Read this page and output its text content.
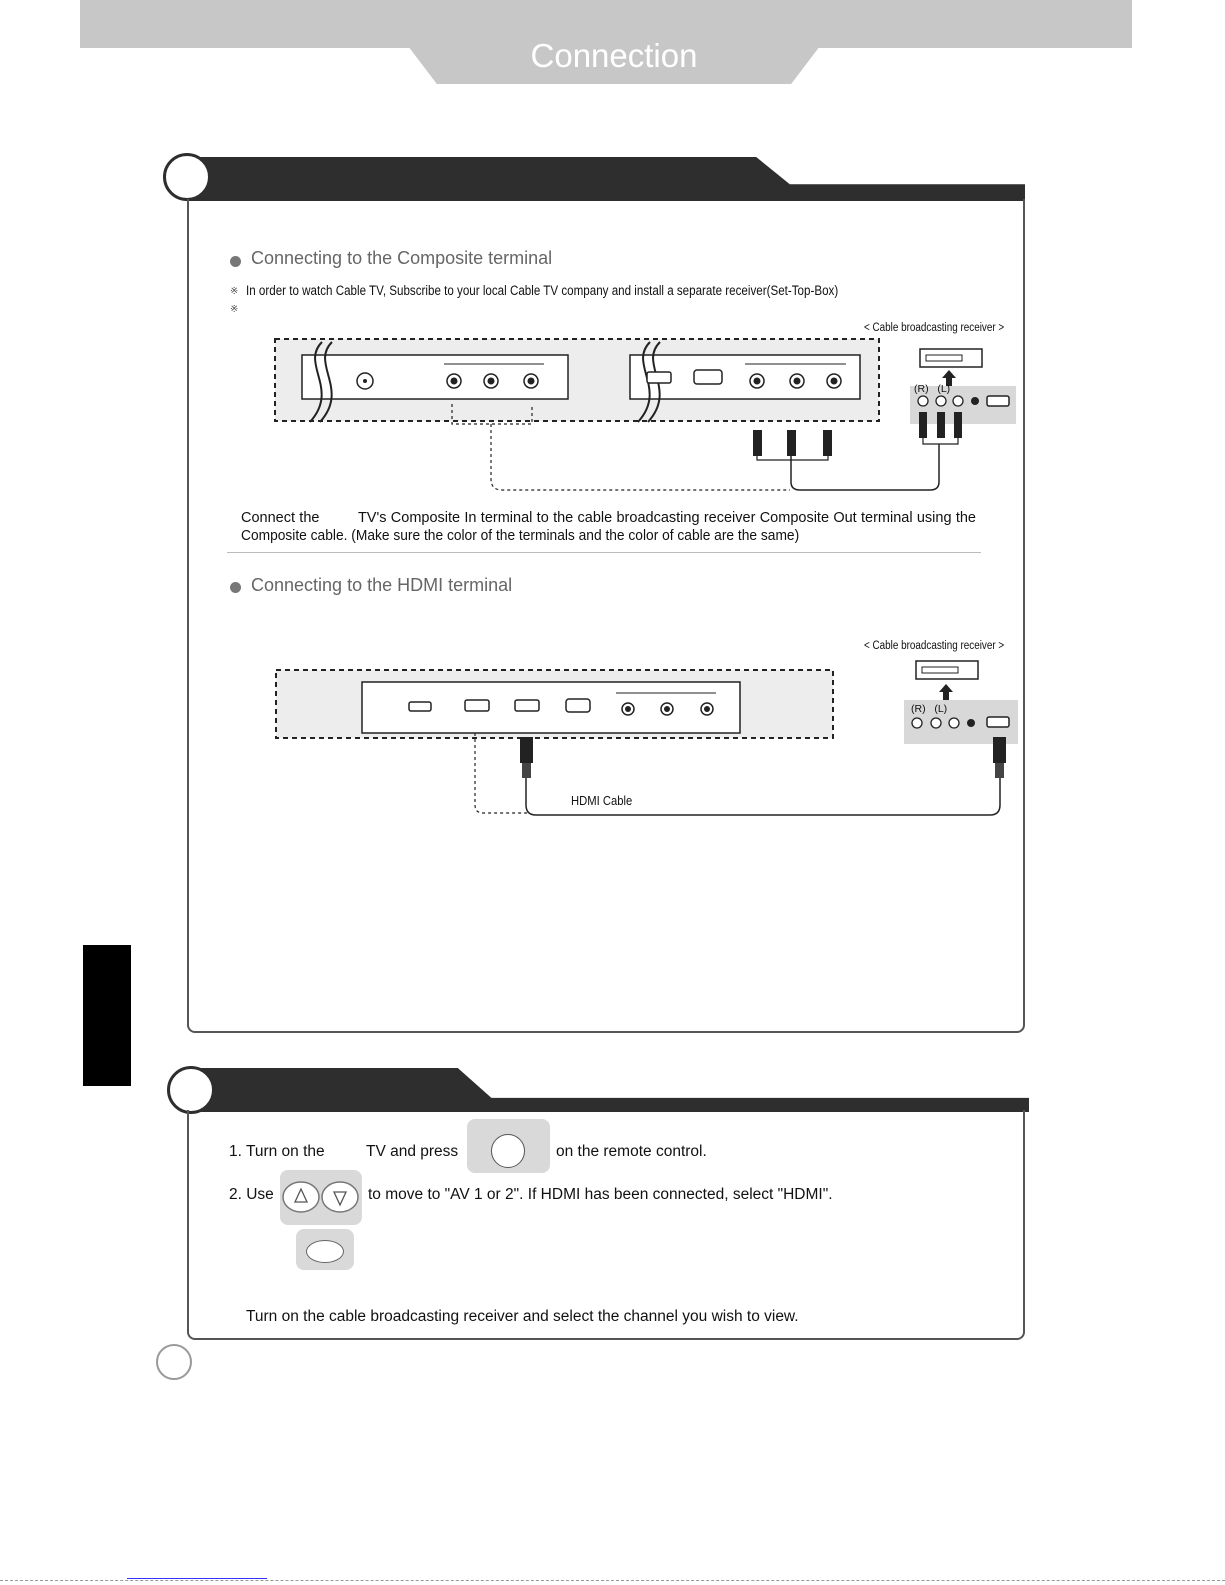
Connection
Connecting to the Composite terminal
※ In order to watch Cable TV, Subscribe to your local Cable TV company and install a separate receiver(Set-Top-Box)
※
< Cable broadcasting receiver >
(R)   (L)
Connect the         TV's Composite In terminal to the cable broadcasting receiver Composite Out terminal using the
Composite cable. (Make sure the color of the terminals and the color of cable are the same)
Connecting to the HDMI terminal
< Cable broadcasting receiver >
(R)   (L)
HDMI Cable
1. Turn on the	TV and press	on the remote control.
2. Use	to move to "AV 1 or 2". If HDMI has been connected, select "HDMI".
Turn on the cable broadcasting receiver and select the channel you wish to view.
